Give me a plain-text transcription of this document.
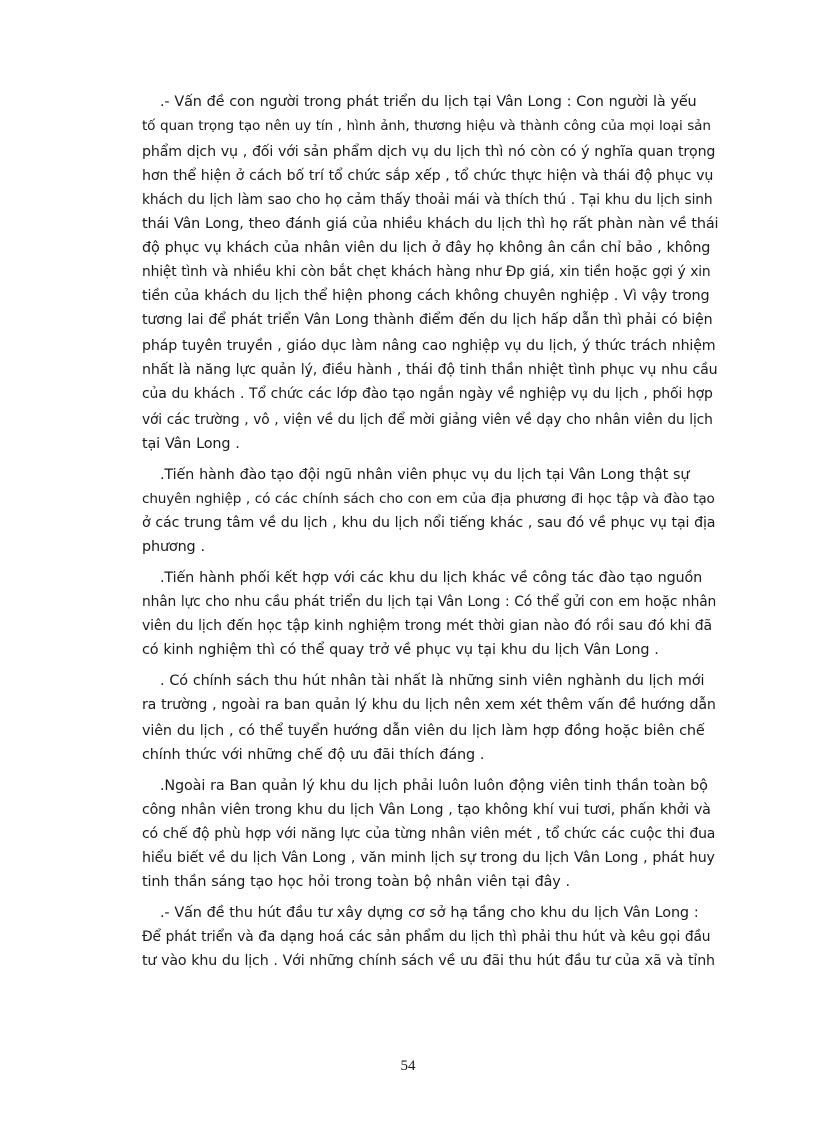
.- Vấn đề con người trong phát triển du lịch tại Vân Long : Con người là yếu
tố quan trọng tạo nên uy tín , hình ảnh, thương hiệu và thành công của mọi loại sản
phẩm dịch vụ , đối với sản phẩm dịch vụ du lịch thì nó còn có ý nghĩa quan trọng
hơn thể hiện ở cách bố trí tổ chức sắp xếp , tổ chức thực hiện và thái độ phục vụ
khách du lịch làm sao cho họ cảm thấy thoải mái và thích thú . Tại khu du lịch sinh
thái Vân Long, theo đánh giá của nhiều khách du lịch thì họ rất phàn nàn về thái
độ phục vụ khách của nhân viên du lịch ở đây họ không ân cần chỉ bảo , không
nhiệt tình và nhiều khi còn bắt chẹt khách hàng như Đp giá, xin tiền hoặc gợi ý xin
tiền của khách du lịch thể hiện phong cách không chuyên nghiệp . Vì vậy trong
tương lai để phát triển Vân Long thành điểm đến du lịch hấp dẫn thì phải có biện
pháp tuyên truyền , giáo dục làm nâng cao nghiệp vụ du lịch, ý thức trách nhiệm
nhất là năng lực quản lý, điều hành , thái độ tinh thần nhiệt tình phục vụ nhu cầu
của du khách . Tổ chức các lớp đào tạo ngắn ngày về nghiệp vụ du lịch , phối hợp
với các trường , vô , viện về du lịch để mời giảng viên về dạy cho nhân viên du lịch
tại Vân Long .
.Tiến hành đào tạo đội ngũ nhân viên phục vụ du lịch tại Vân Long thật sự
chuyên nghiệp , có các chính sách cho con em của địa phương đi học tập và đào tạo
ở các trung tâm về du lịch , khu du lịch nổi tiếng khác , sau đó về phục vụ tại địa
phương .
.Tiến hành phối kết hợp với các khu du lịch khác về công tác đào tạo nguồn
nhân lực cho nhu cầu phát triển du lịch tại Vân Long : Có thể gửi con em hoặc nhân
viên du lịch đến học tập kinh nghiệm trong mét thời gian nào đó rồi sau đó khi đã
có kinh nghiệm thì có thể quay trở về phục vụ tại khu du lịch Vân Long .
. Có chính sách thu hút nhân tài nhất là những sinh viên nghành du lịch mới
ra trường , ngoài ra ban quản lý khu du lịch nên xem xét thêm vấn đề hướng dẫn
viên du lịch , có thể tuyển hướng dẫn viên du lịch làm hợp đồng hoặc biên chế
chính thức với những chế độ ưu đãi thích đáng .
.Ngoài ra Ban quản lý khu du lịch phải luôn luôn động viên tinh thần toàn bộ
công nhân viên trong khu du lịch Vân Long , tạo không khí vui tươi, phấn khởi và
có chế độ phù hợp với năng lực của từng nhân viên mét , tổ chức các cuộc thi đua
hiểu biết về du lịch Vân Long , văn minh lịch sự trong du lịch Vân Long , phát huy
tinh thần sáng tạo học hỏi trong toàn bộ nhân viên tại đây .
.- Vấn đề thu hút đầu tư xây dựng cơ sở hạ tầng cho khu du lịch Vân Long :
Để phát triển và đa dạng hoá các sản phẩm du lịch thì phải thu hút và kêu gọi đầu
tư vào khu du lịch . Với những chính sách về ưu đãi thu hút đầu tư của xã và tỉnh
54
